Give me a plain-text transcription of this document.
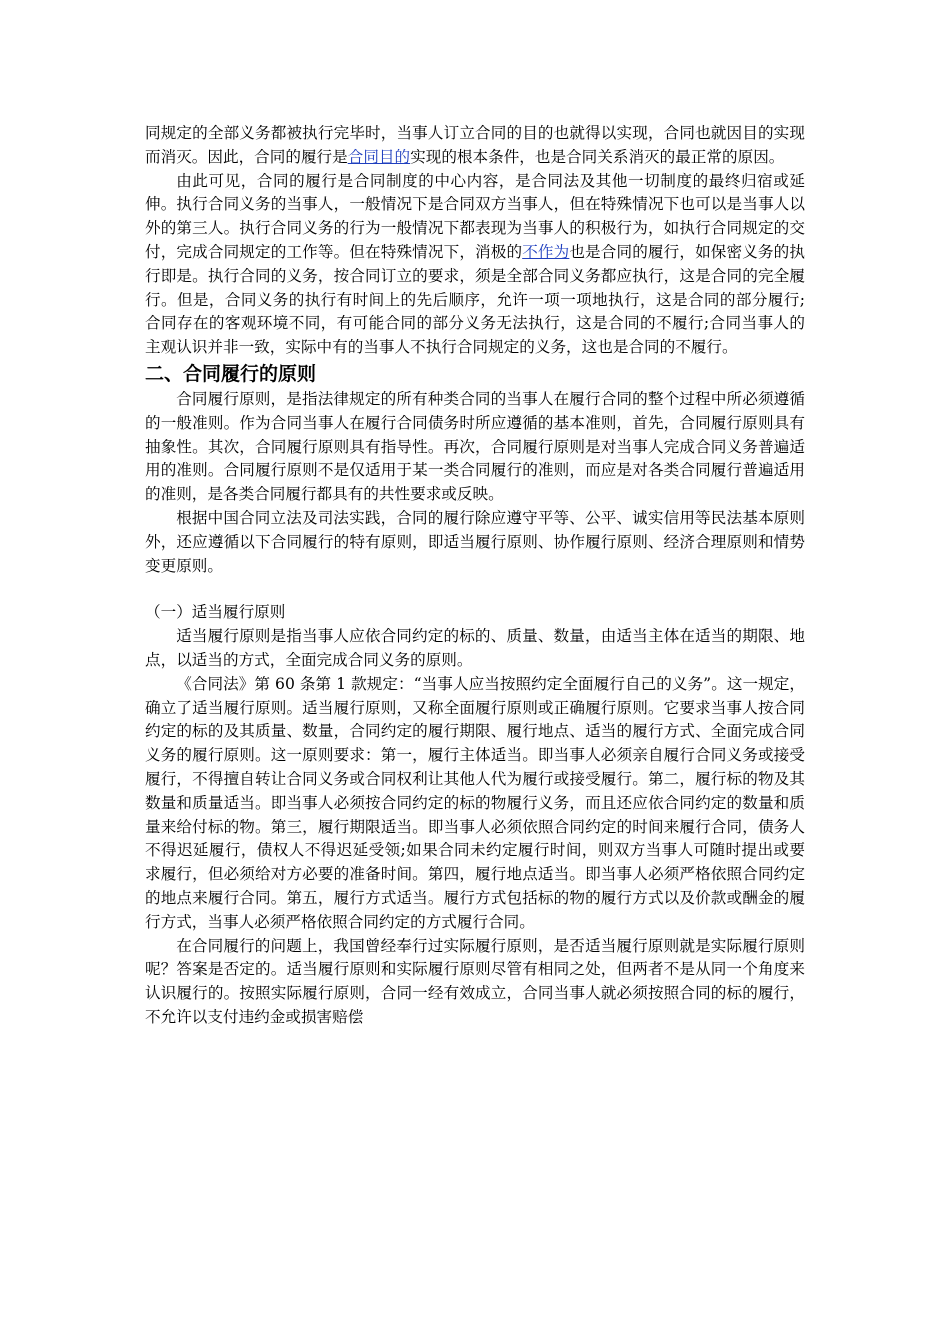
同规定的全部义务都被执行完毕时，当事人订立合同的目的也就得以实现，合同也就因目的实现而消灭。因此，合同的履行是合同目的实现的根本条件，也是合同关系消灭的最正常的原因。

由此可见，合同的履行是合同制度的中心内容，是合同法及其他一切制度的最终归宿或延伸。执行合同义务的当事人，一般情况下是合同双方当事人，但在特殊情况下也可以是当事人以外的第三人。执行合同义务的行为一般情况下都表现为当事人的积极行为，如执行合同规定的交付，完成合同规定的工作等。但在特殊情况下，消极的不作为也是合同的履行，如保密义务的执行即是。执行合同的义务，按合同订立的要求，须是全部合同义务都应执行，这是合同的完全履行。但是，合同义务的执行有时间上的先后顺序，允许一项一项地执行，这是合同的部分履行;合同存在的客观环境不同，有可能合同的部分义务无法执行，这是合同的不履行;合同当事人的主观认识并非一致，实际中有的当事人不执行合同规定的义务，这也是合同的不履行。

二、合同履行的原则

合同履行原则，是指法律规定的所有种类合同的当事人在履行合同的整个过程中所必须遵循的一般准则。作为合同当事人在履行合同债务时所应遵循的基本准则，首先，合同履行原则具有抽象性。其次，合同履行原则具有指导性。再次，合同履行原则是对当事人完成合同义务普遍适用的准则。合同履行原则不是仅适用于某一类合同履行的准则，而应是对各类合同履行普遍适用的准则，是各类合同履行都具有的共性要求或反映。

根据中国合同立法及司法实践，合同的履行除应遵守平等、公平、诚实信用等民法基本原则外，还应遵循以下合同履行的特有原则，即适当履行原则、协作履行原则、经济合理原则和情势变更原则。

（一）适当履行原则

适当履行原则是指当事人应依合同约定的标的、质量、数量，由适当主体在适当的期限、地点，以适当的方式，全面完成合同义务的原则。

《合同法》第 60 条第 1 款规定：“当事人应当按照约定全面履行自己的义务”。这一规定，确立了适当履行原则。适当履行原则，又称全面履行原则或正确履行原则。它要求当事人按合同约定的标的及其质量、数量，合同约定的履行期限、履行地点、适当的履行方式、全面完成合同义务的履行原则。这一原则要求：第一，履行主体适当。即当事人必须亲自履行合同义务或接受履行，不得擅自转让合同义务或合同权利让其他人代为履行或接受履行。第二，履行标的物及其数量和质量适当。即当事人必须按合同约定的标的物履行义务，而且还应依合同约定的数量和质量来给付标的物。第三，履行期限适当。即当事人必须依照合同约定的时间来履行合同，债务人不得迟延履行，债权人不得迟延受领;如果合同未约定履行时间，则双方当事人可随时提出或要求履行，但必须给对方必要的准备时间。第四，履行地点适当。即当事人必须严格依照合同约定的地点来履行合同。第五，履行方式适当。履行方式包括标的物的履行方式以及价款或酬金的履行方式，当事人必须严格依照合同约定的方式履行合同。

在合同履行的问题上，我国曾经奉行过实际履行原则，是否适当履行原则就是实际履行原则呢？答案是否定的。适当履行原则和实际履行原则尽管有相同之处，但两者不是从同一个角度来认识履行的。按照实际履行原则，合同一经有效成立，合同当事人就必须按照合同的标的履行，不允许以支付违约金或损害赔偿
